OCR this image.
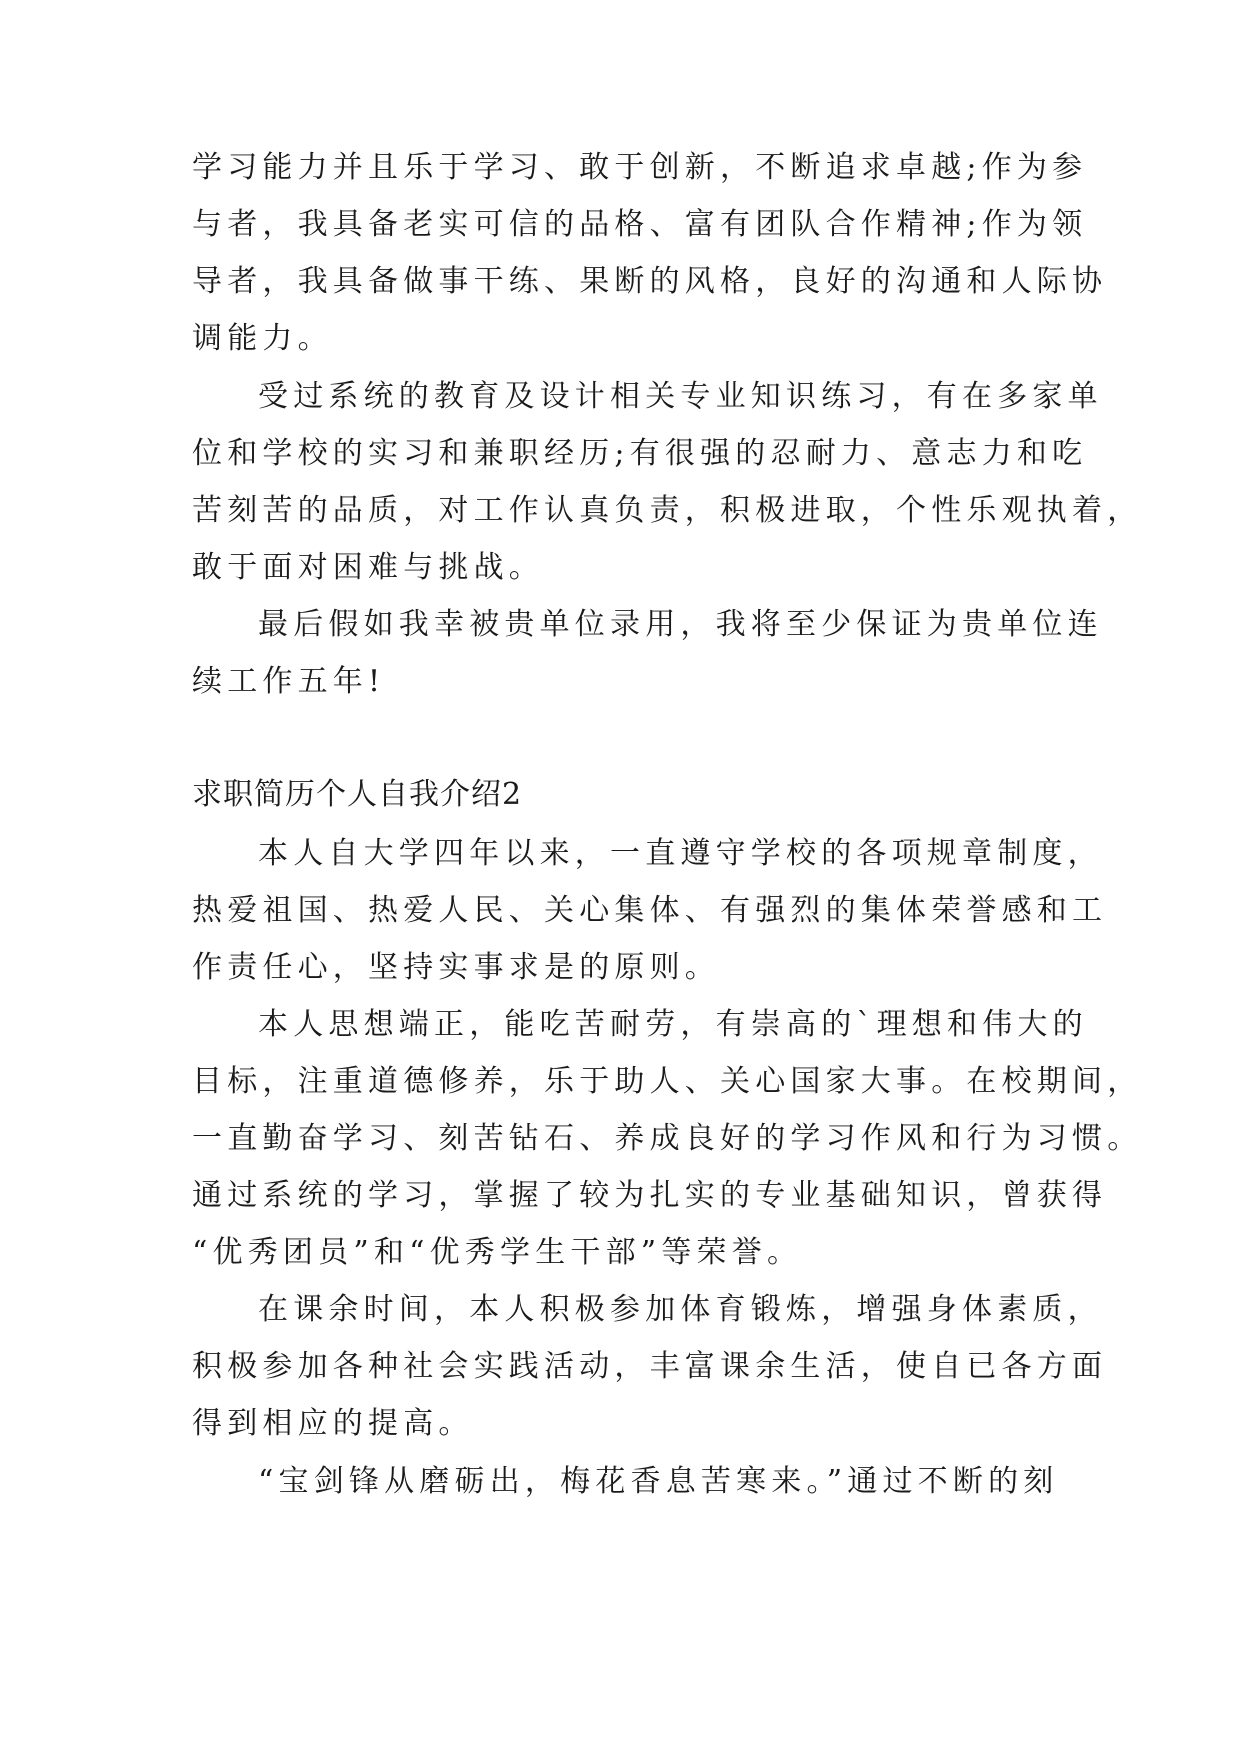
学习能力并且乐于学习、敢于创新，不断追求卓越;作为参
与者，我具备老实可信的品格、富有团队合作精神;作为领
导者，我具备做事干练、果断的风格，良好的沟通和人际协
调能力。
受过系统的教育及设计相关专业知识练习，有在多家单
位和学校的实习和兼职经历;有很强的忍耐力、意志力和吃
苦刻苦的品质，对工作认真负责，积极进取，个性乐观执着，
敢于面对困难与挑战。
最后假如我幸被贵单位录用，我将至少保证为贵单位连
续工作五年!
求职简历个人自我介绍2
本人自大学四年以来，一直遵守学校的各项规章制度，
热爱祖国、热爱人民、关心集体、有强烈的集体荣誉感和工
作责任心，坚持实事求是的原则。
本人思想端正，能吃苦耐劳，有崇高的`理想和伟大的
目标，注重道德修养，乐于助人、关心国家大事。在校期间，
一直勤奋学习、刻苦钻石、养成良好的学习作风和行为习惯。
通过系统的学习，掌握了较为扎实的专业基础知识，曾获得
“优秀团员”和“优秀学生干部”等荣誉。
在课余时间，本人积极参加体育锻炼，增强身体素质，
积极参加各种社会实践活动，丰富课余生活，使自已各方面
得到相应的提高。
“宝剑锋从磨砺出，梅花香息苦寒来。”通过不断的刻
